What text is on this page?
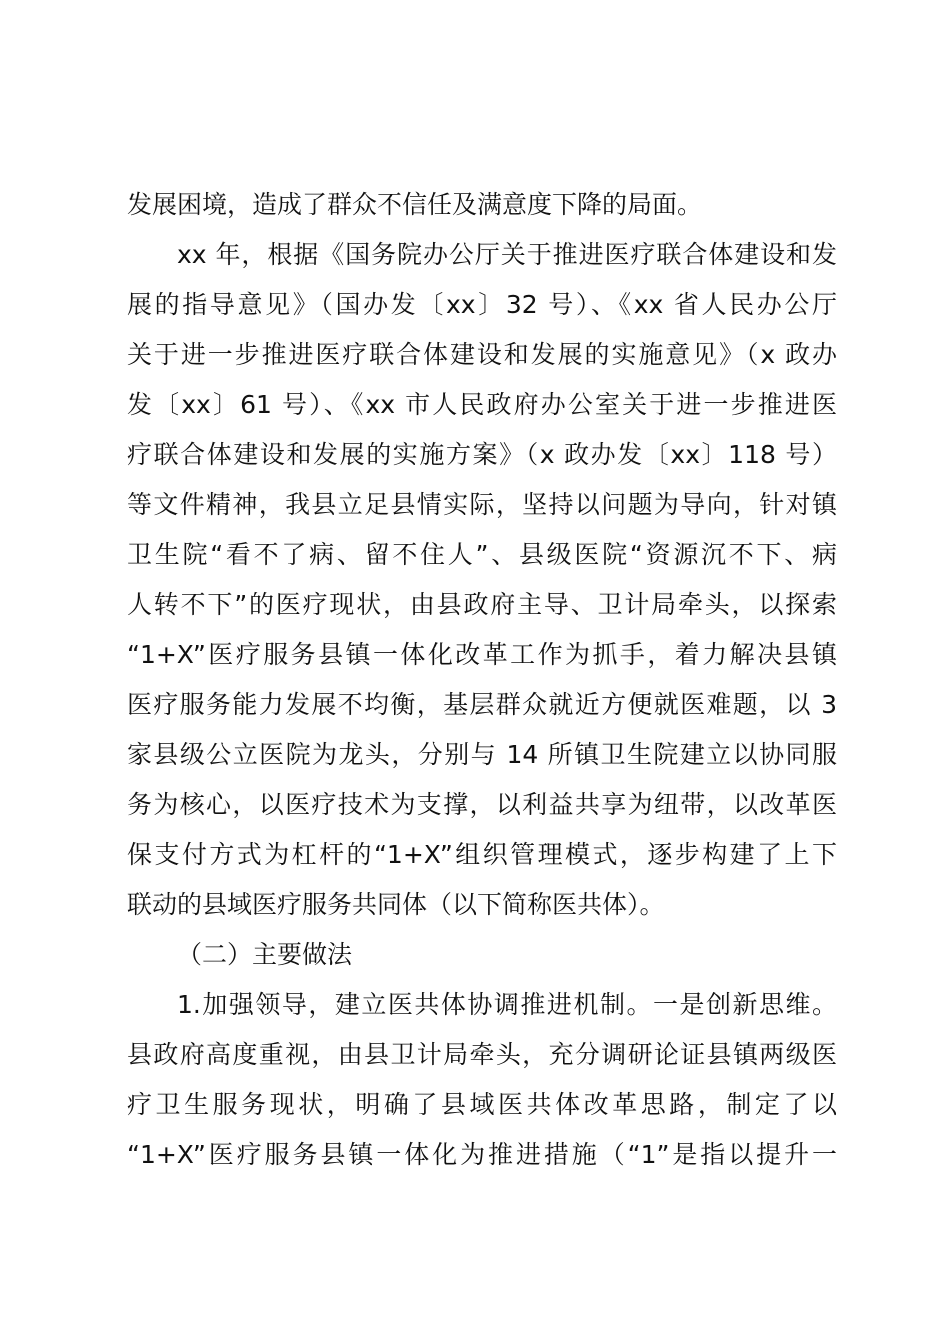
发展困境，造成了群众不信任及满意度下降的局面。
xx 年，根据《国务院办公厅关于推进医疗联合体建设和发
展的指导意见》（国办发〔xx〕32 号）、《xx 省人民办公厅
关于进一步推进医疗联合体建设和发展的实施意见》（x 政办
发〔xx〕61 号）、《xx 市人民政府办公室关于进一步推进医
疗联合体建设和发展的实施方案》（x 政办发〔xx〕118 号）
等文件精神，我县立足县情实际，坚持以问题为导向，针对镇
卫生院“看不了病、留不住人”、县级医院“资源沉不下、病
人转不下”的医疗现状，由县政府主导、卫计局牵头，以探索
“1+X”医疗服务县镇一体化改革工作为抓手，着力解决县镇
医疗服务能力发展不均衡，基层群众就近方便就医难题，以 3
家县级公立医院为龙头，分别与 14 所镇卫生院建立以协同服
务为核心，以医疗技术为支撑，以利益共享为纽带，以改革医
保支付方式为杠杆的“1+X”组织管理模式，逐步构建了上下
联动的县域医疗服务共同体（以下简称医共体）。
（二）主要做法
1.加强领导，建立医共体协调推进机制。一是创新思维。
县政府高度重视，由县卫计局牵头，充分调研论证县镇两级医
疗卫生服务现状，明确了县域医共体改革思路，制定了以
“1+X”医疗服务县镇一体化为推进措施（“1”是指以提升一
